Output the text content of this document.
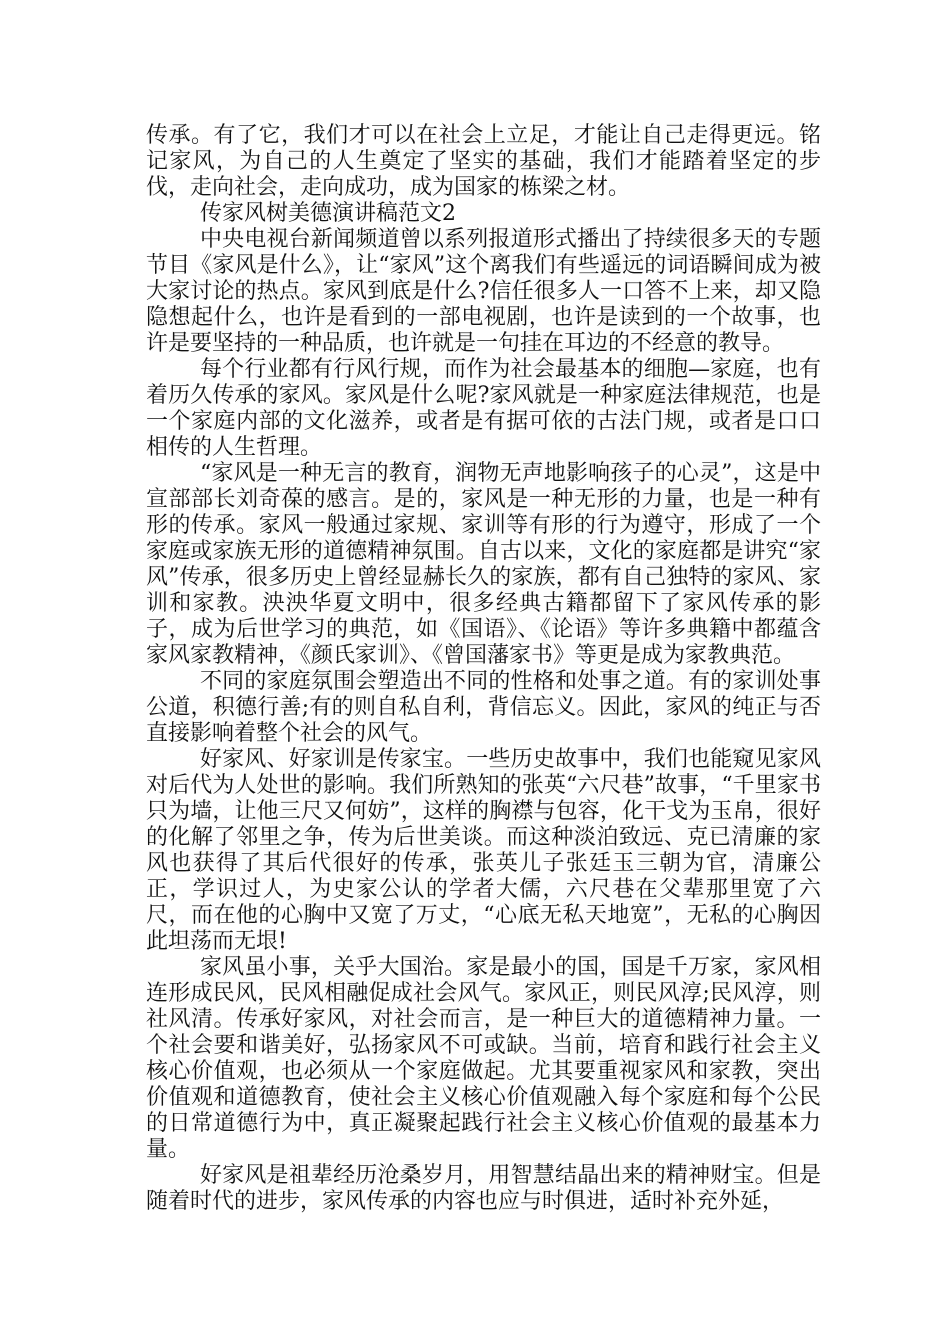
传承。有了它，我们才可以在社会上立足，才能让自己走得更远。铭记家风，为自己的人生奠定了坚实的基础，我们才能踏着坚定的步伐，走向社会，走向成功，成为国家的栋梁之材。

传家风树美德演讲稿范文2

中央电视台新闻频道曾以系列报道形式播出了持续很多天的专题节目《家风是什么》，让“家风”这个离我们有些遥远的词语瞬间成为被大家讨论的热点。家风到底是什么?信任很多人一口答不上来，却又隐隐想起什么，也许是看到的一部电视剧，也许是读到的一个故事，也许是要坚持的一种品质，也许就是一句挂在耳边的不经意的教导。

每个行业都有行风行规，而作为社会最基本的细胞—家庭，也有着历久传承的家风。家风是什么呢?家风就是一种家庭法律规范，也是一个家庭内部的文化滋养，或者是有据可依的古法门规，或者是口口相传的人生哲理。

“家风是一种无言的教育，润物无声地影响孩子的心灵”，这是中宣部部长刘奇葆的感言。是的，家风是一种无形的力量，也是一种有形的传承。家风一般通过家规、家训等有形的行为遵守，形成了一个家庭或家族无形的道德精神氛围。自古以来，文化的家庭都是讲究“家风”传承，很多历史上曾经显赫长久的家族，都有自己独特的家风、家训和家教。泱泱华夏文明中，很多经典古籍都留下了家风传承的影子，成为后世学习的典范，如《国语》、《论语》等许多典籍中都蕴含家风家教精神，《颜氏家训》、《曾国藩家书》等更是成为家教典范。

不同的家庭氛围会塑造出不同的性格和处事之道。有的家训处事公道，积德行善;有的则自私自利，背信忘义。因此，家风的纯正与否直接影响着整个社会的风气。

好家风、好家训是传家宝。一些历史故事中，我们也能窥见家风对后代为人处世的影响。我们所熟知的张英“六尺巷”故事，“千里家书只为墙，让他三尺又何妨”，这样的胸襟与包容，化干戈为玉帛，很好的化解了邻里之争，传为后世美谈。而这种淡泊致远、克已清廉的家风也获得了其后代很好的传承，张英儿子张廷玉三朝为官，清廉公正，学识过人，为史家公认的学者大儒，六尺巷在父辈那里宽了六尺，而在他的心胸中又宽了万丈，“心底无私天地宽”，无私的心胸因此坦荡而无垠!

家风虽小事，关乎大国治。家是最小的国，国是千万家，家风相连形成民风，民风相融促成社会风气。家风正，则民风淳;民风淳，则社风清。传承好家风，对社会而言，是一种巨大的道德精神力量。一个社会要和谐美好，弘扬家风不可或缺。当前，培育和践行社会主义核心价值观，也必须从一个家庭做起。尤其要重视家风和家教，突出价值观和道德教育，使社会主义核心价值观融入每个家庭和每个公民的日常道德行为中，真正凝聚起践行社会主义核心价值观的最基本力量。

好家风是祖辈经历沧桑岁月，用智慧结晶出来的精神财宝。但是随着时代的进步，家风传承的内容也应与时俱进，适时补充外延，
